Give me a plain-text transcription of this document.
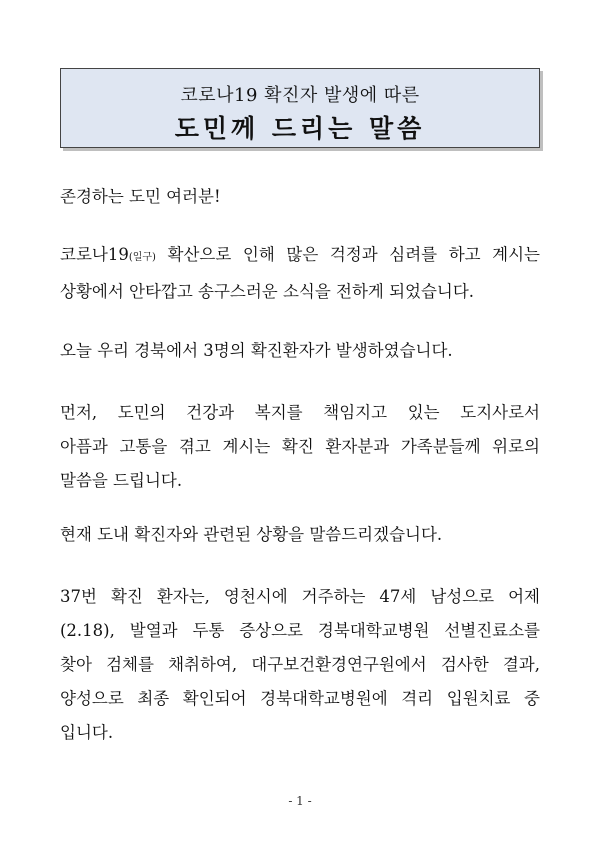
코로나19 확진자 발생에 따른
도민께 드리는 말씀

존경하는 도민 여러분!

코로나19(일구) 확산으로 인해 많은 걱정과 심려를 하고 계시는
상황에서 안타깝고 송구스러운 소식을 전하게 되었습니다.

오늘 우리 경북에서 3명의 확진환자가 발생하였습니다.

먼저, 도민의 건강과 복지를 책임지고 있는 도지사로서
아픔과 고통을 겪고 계시는 확진 환자분과 가족분들께 위로의
말씀을 드립니다.

현재 도내 확진자와 관련된 상황을 말씀드리겠습니다.

37번 확진 환자는, 영천시에 거주하는 47세 남성으로 어제
(2.18), 발열과 두통 증상으로 경북대학교병원 선별진료소를
찾아 검체를 채취하여, 대구보건환경연구원에서 검사한 결과,
양성으로 최종 확인되어 경북대학교병원에 격리 입원치료 중
입니다.
- 1 -
